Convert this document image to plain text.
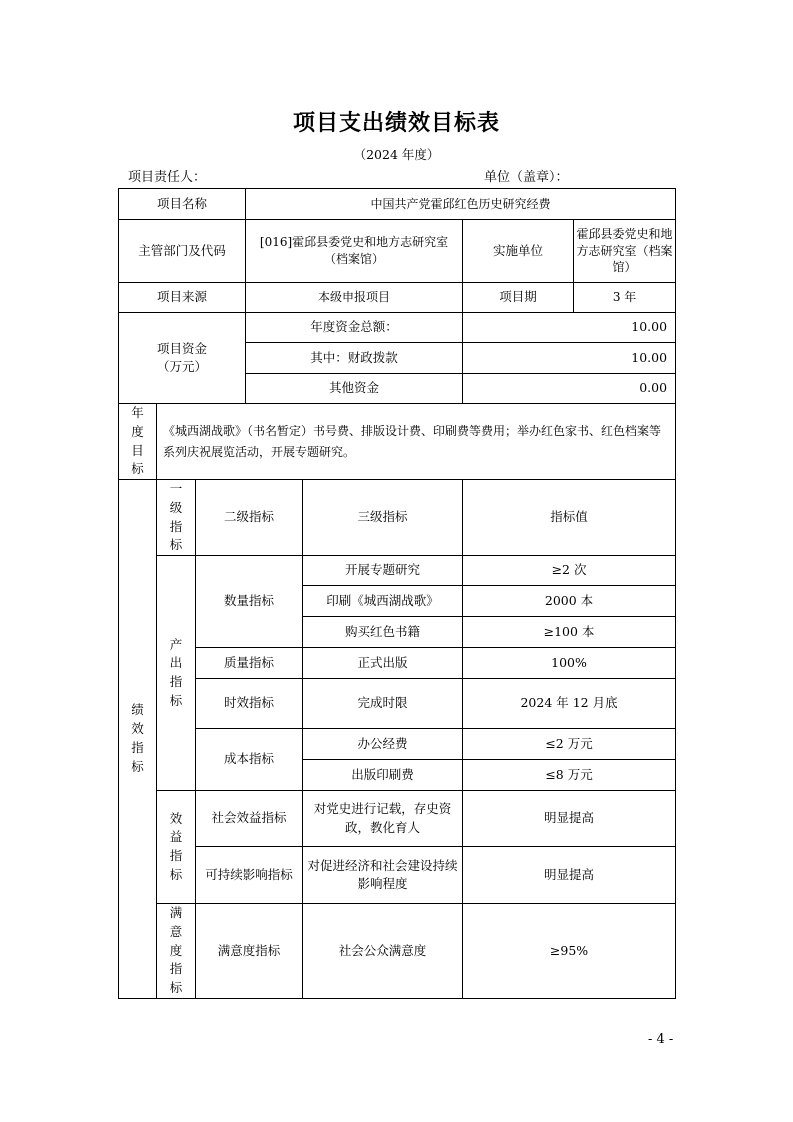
项目支出绩效目标表
（2024 年度）
项目责任人：	单位（盖章）：
项目名称			中国共产党霍邱红色历史研究经费			
主管部门及代码			[016]霍邱县委党史和地方志研究室（档案馆）		实施单位	霍邱县委党史和地方志研究室（档案馆）
项目来源			本级申报项目		项目期	3 年

项目资金（万元）			年度资金总额：		10.00	
			其中：财政拨款		10.00	
			其他资金		0.00	
年度目标	《城西湖战歌》（书名暂定）书号费、排版设计费、印刷费等费用；举办红色家书、红色档案等系列庆祝展览活动，开展专题研究。					
绩效指标	一级指标	二级指标		三级指标	指标值	
	产出指标	数量指标		开展专题研究	≥2 次	
				印刷《城西湖战歌》	2000 本	
				购买红色书籍	≥100 本	
		质量指标		正式出版	100%	
		时效指标		完成时限	2024 年 12 月底	
		成本指标		办公经费	≤2 万元	
				出版印刷费	≤8 万元	
	效益指标	社会效益指标		对党史进行记载，存史资政，教化育人	明显提高	
		可持续影响指标		对促进经济和社会建设持续影响程度	明显提高	
	满意度指标	满意度指标		社会公众满意度	≥95%	
- 4 -
